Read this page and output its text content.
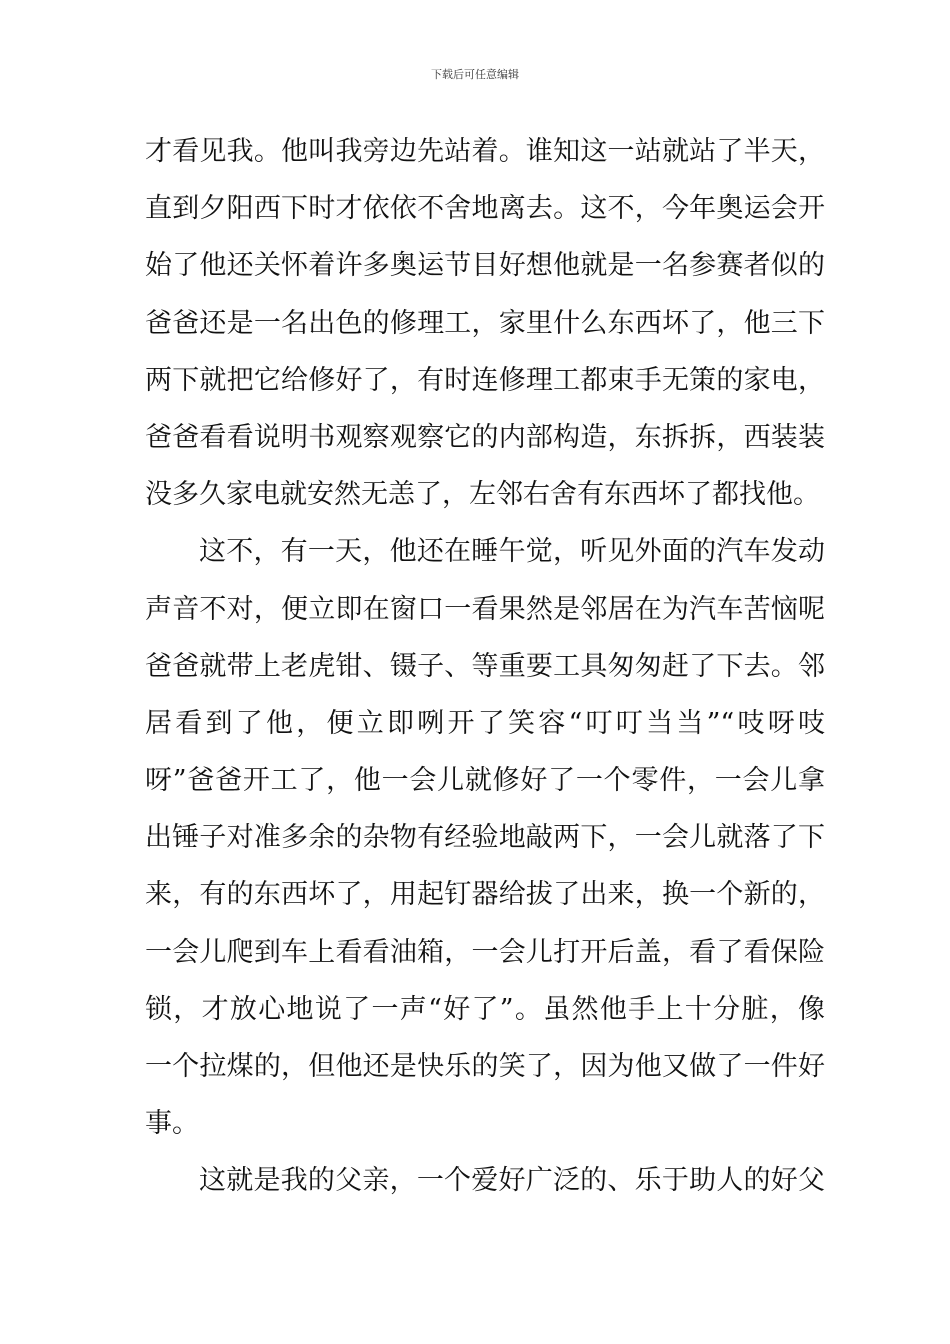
下载后可任意编辑
才看见我。他叫我旁边先站着。谁知这一站就站了半天，
直到夕阳西下时才依依不舍地离去。这不，今年奥运会开
始了他还关怀着许多奥运节目好想他就是一名参赛者似的
爸爸还是一名出色的修理工，家里什么东西坏了，他三下
两下就把它给修好了，有时连修理工都束手无策的家电，
爸爸看看说明书观察观察它的内部构造，东拆拆，西装装
没多久家电就安然无恙了，左邻右舍有东西坏了都找他。
这不，有一天，他还在睡午觉，听见外面的汽车发动
声音不对，便立即在窗口一看果然是邻居在为汽车苦恼呢
爸爸就带上老虎钳、镊子、等重要工具匆匆赶了下去。邻
居看到了他，便立即咧开了笑容“叮叮当当”“吱呀吱
呀”爸爸开工了，他一会儿就修好了一个零件，一会儿拿
出锤子对准多余的杂物有经验地敲两下，一会儿就落了下
来，有的东西坏了，用起钉器给拔了出来，换一个新的，
一会儿爬到车上看看油箱，一会儿打开后盖，看了看保险
锁，才放心地说了一声“好了”。虽然他手上十分脏，像
一个拉煤的，但他还是快乐的笑了，因为他又做了一件好
事。
这就是我的父亲，一个爱好广泛的、乐于助人的好父
